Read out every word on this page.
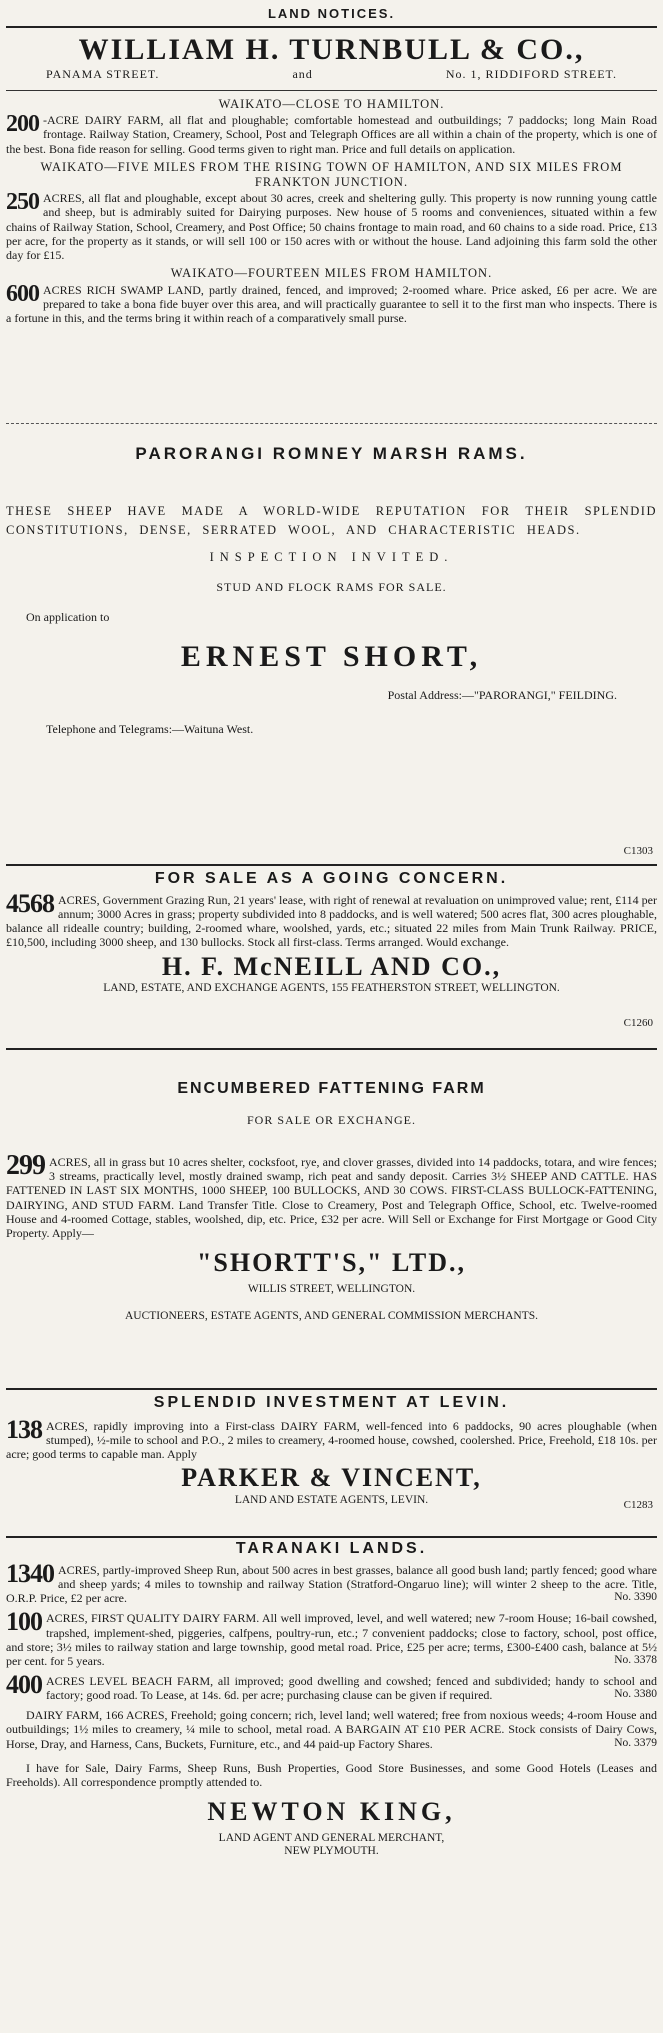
LAND NOTICES.
WILLIAM H. TURNBULL & CO.,
PANAMA STREET.	and	No. 1, RIDDIFORD STREET.
WAIKATO—CLOSE TO HAMILTON.
200 -ACRE DAIRY FARM, all flat and ploughable; comfortable homestead and outbuildings; 7 paddocks; long Main Road frontage. Railway Station, Creamery, School, Post and Telegraph Offices are all within a chain of the property, which is one of the best. Bona fide reason for selling. Good terms given to right man. Price and full details on application.
WAIKATO—FIVE MILES FROM THE RISING TOWN OF HAMILTON, AND SIX MILES FROM FRANKTON JUNCTION.
250 ACRES, all flat and ploughable, except about 30 acres, creek and sheltering gully. This property is now running young cattle and sheep, but is admirably suited for Dairying purposes. New house of 5 rooms and conveniences, situated within a few chains of Railway Station, School, Creamery, and Post Office; 50 chains frontage to main road, and 60 chains to a side road. Price, £13 per acre, for the property as it stands, or will sell 100 or 150 acres with or without the house. Land adjoining this farm sold the other day for £15.
WAIKATO—FOURTEEN MILES FROM HAMILTON.
600 ACRES RICH SWAMP LAND, partly drained, fenced, and improved; 2-roomed whare. Price asked, £6 per acre. We are prepared to take a bona fide buyer over this area, and will practically guarantee to sell it to the first man who inspects. There is a fortune in this, and the terms bring it within reach of a comparatively small purse.
PARORANGI ROMNEY MARSH RAMS.
THESE SHEEP HAVE MADE A WORLD-WIDE REPUTATION FOR THEIR SPLENDID CONSTITUTIONS, DENSE, SERRATED WOOL, AND CHARACTERISTIC HEADS.
INSPECTION INVITED.
STUD AND FLOCK RAMS FOR SALE.
On application to
ERNEST SHORT,
Postal Address:—"PARORANGI," FEILDING.
Telephone and Telegrams:—Waituna West.
C1303
FOR SALE AS A GOING CONCERN.
4568 ACRES, Government Grazing Run, 21 years' lease, with right of renewal at revaluation on unimproved value; rent, £114 per annum; 3000 Acres in grass; property subdivided into 8 paddocks, and is well watered; 500 acres flat, 300 acres ploughable, balance all ridealle country; building, 2-roomed whare, woolshed, yards, etc.; situated 22 miles from Main Trunk Railway. PRICE, £10,500, including 3000 sheep, and 130 bullocks. Stock all first-class. Terms arranged. Would exchange.
H. F. McNEILL AND CO.,
LAND, ESTATE, AND EXCHANGE AGENTS, 155 FEATHERSTON STREET, WELLINGTON.
C1260
ENCUMBERED FATTENING FARM
FOR SALE OR EXCHANGE.
299 ACRES, all in grass but 10 acres shelter, cocksfoot, rye, and clover grasses, divided into 14 paddocks, totara, and wire fences; 3 streams, practically level, mostly drained swamp, rich peat and sandy deposit. Carries 3½ SHEEP AND CATTLE. HAS FATTENED IN LAST SIX MONTHS, 1000 SHEEP, 100 BULLOCKS, AND 30 COWS. FIRST-CLASS BULLOCK-FATTENING, DAIRYING, AND STUD FARM. Land Transfer Title. Close to Creamery, Post and Telegraph Office, School, etc. Twelve-roomed House and 4-roomed Cottage, stables, woolshed, dip, etc. Price, £32 per acre. Will Sell or Exchange for First Mortgage or Good City Property. Apply—
"SHORTT'S," LTD.,
WILLIS STREET, WELLINGTON.
AUCTIONEERS, ESTATE AGENTS, AND GENERAL COMMISSION MERCHANTS.
SPLENDID INVESTMENT AT LEVIN.
138 ACRES, rapidly improving into a First-class DAIRY FARM, well-fenced into 6 paddocks, 90 acres ploughable (when stumped), ½-mile to school and P.O., 2 miles to creamery, 4-roomed house, cowshed, coolershed. Price, Freehold, £18 10s. per acre; good terms to capable man. Apply
PARKER & VINCENT,
LAND AND ESTATE AGENTS, LEVIN.	C1283
TARANAKI LANDS.
1340 ACRES, partly-improved Sheep Run, about 500 acres in best grasses, balance all good bush land; partly fenced; good whare and sheep yards; 4 miles to township and railway Station (Stratford-Ongaruo line); will winter 2 sheep to the acre. Title, O.R.P. Price, £2 per acre.	No. 3390
100 ACRES, FIRST QUALITY DAIRY FARM. All well improved, level, and well watered; new 7-room House; 16-bail cowshed, trapshed, implement-shed, piggeries, calfpens, poultry-run, etc.; 7 convenient paddocks; close to factory, school, post office, and store; 3½ miles to railway station and large township, good metal road. Price, £25 per acre; terms, £300-£400 cash, balance at 5½ per cent. for 5 years.	No. 3378
400 ACRES LEVEL BEACH FARM, all improved; good dwelling and cowshed; fenced and subdivided; handy to school and factory; good road. To Lease, at 14s. 6d. per acre; purchasing clause can be given if required.	No. 3380
DAIRY FARM, 166 ACRES, Freehold; going concern; rich, level land; well watered; free from noxious weeds; 4-room House and outbuildings; 1½ miles to creamery, ¼ mile to school, metal road. A BARGAIN AT £10 PER ACRE. Stock consists of Dairy Cows, Horse, Dray, and Harness, Cans, Buckets, Furniture, etc., and 44 paid-up Factory Shares.	No. 3379
I have for Sale, Dairy Farms, Sheep Runs, Bush Properties, Good Store Businesses, and some Good Hotels (Leases and Freeholds). All correspondence promptly attended to.
NEWTON KING,
LAND AGENT AND GENERAL MERCHANT,
NEW PLYMOUTH.
